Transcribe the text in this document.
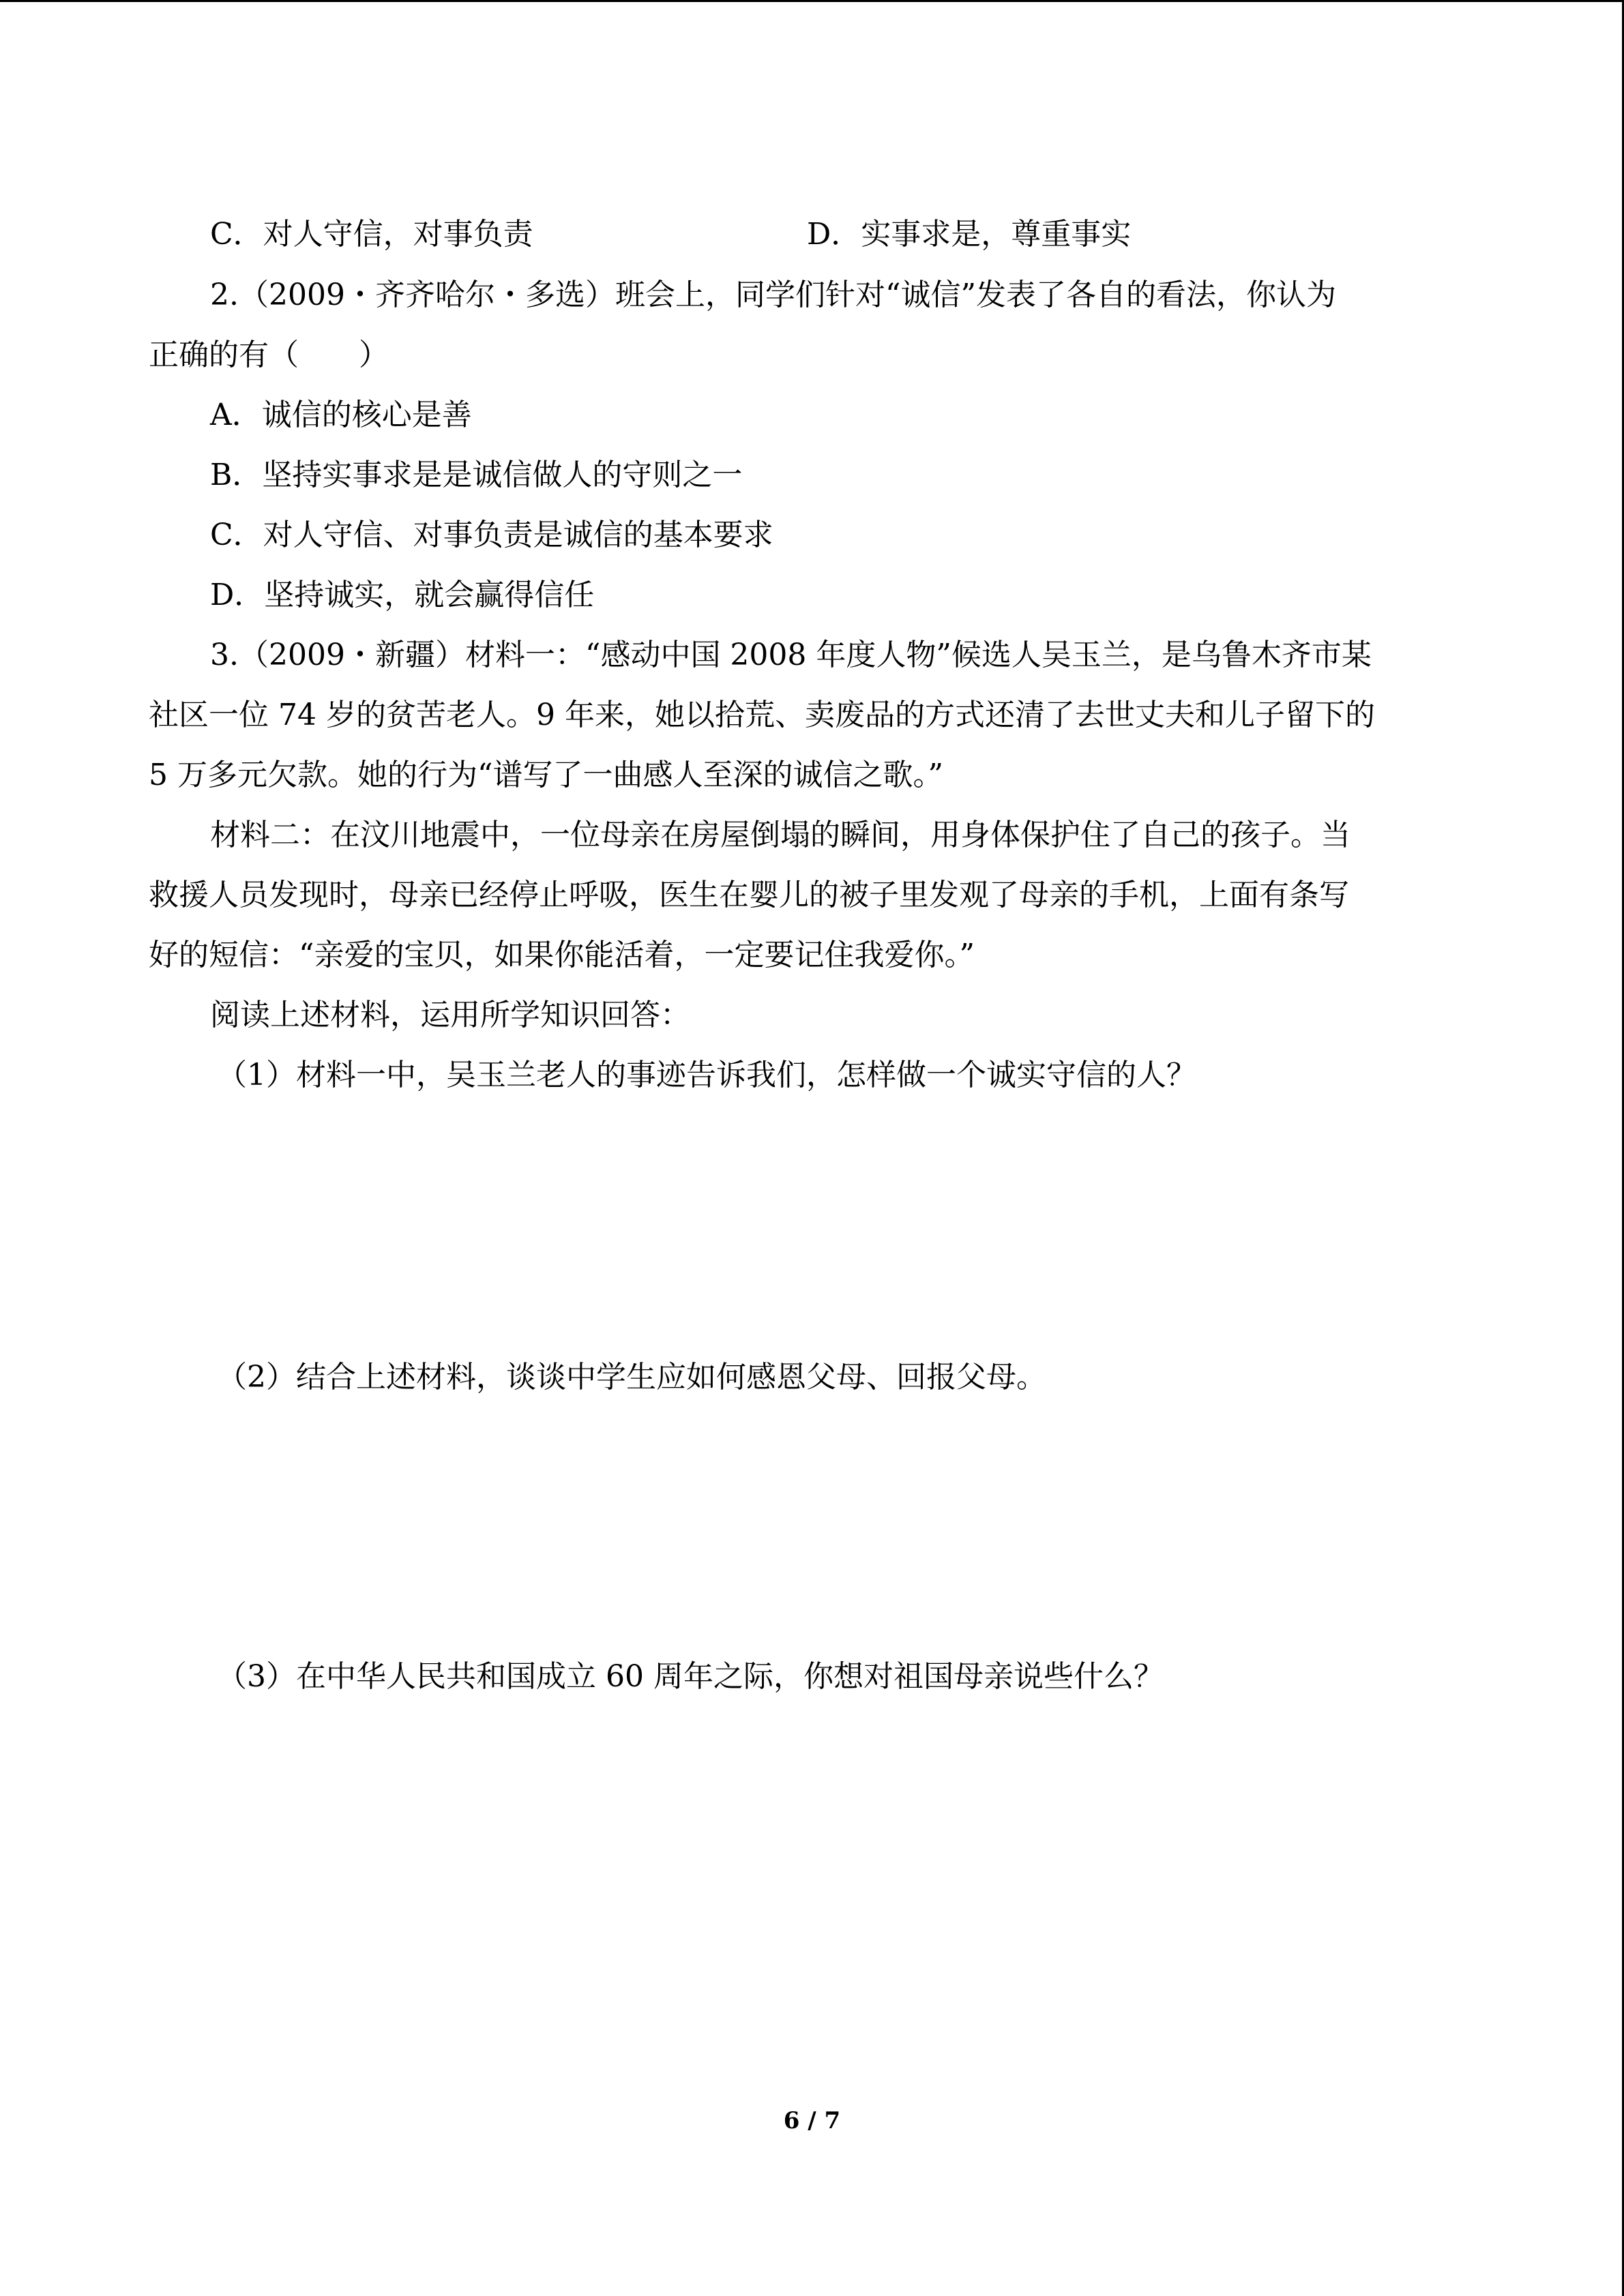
C．对人守信，对事负责	D．实事求是，尊重事实
2.（2009・齐齐哈尔・多选）班会上，同学们针对“诚信”发表了各自的看法，你认为
正确的有（　　）
A．诚信的核心是善
B．坚持实事求是是诚信做人的守则之一
C．对人守信、对事负责是诚信的基本要求
D．坚持诚实，就会赢得信任
3.（2009・新疆）材料一：“感动中国 2008 年度人物”候选人吴玉兰，是乌鲁木齐市某
社区一位 74 岁的贫苦老人。9 年来，她以拾荒、卖废品的方式还清了去世丈夫和儿子留下的
5 万多元欠款。她的行为“谱写了一曲感人至深的诚信之歌。”
材料二：在汶川地震中，一位母亲在房屋倒塌的瞬间，用身体保护住了自己的孩子。当
救援人员发现时，母亲已经停止呼吸，医生在婴儿的被子里发观了母亲的手机，上面有条写
好的短信：“亲爱的宝贝，如果你能活着，一定要记住我爱你。”
阅读上述材料，运用所学知识回答：
（1）材料一中，吴玉兰老人的事迹告诉我们，怎样做一个诚实守信的人？
（2）结合上述材料，谈谈中学生应如何感恩父母、回报父母。
（3）在中华人民共和国成立 60 周年之际，你想对祖国母亲说些什么？
6 / 7
